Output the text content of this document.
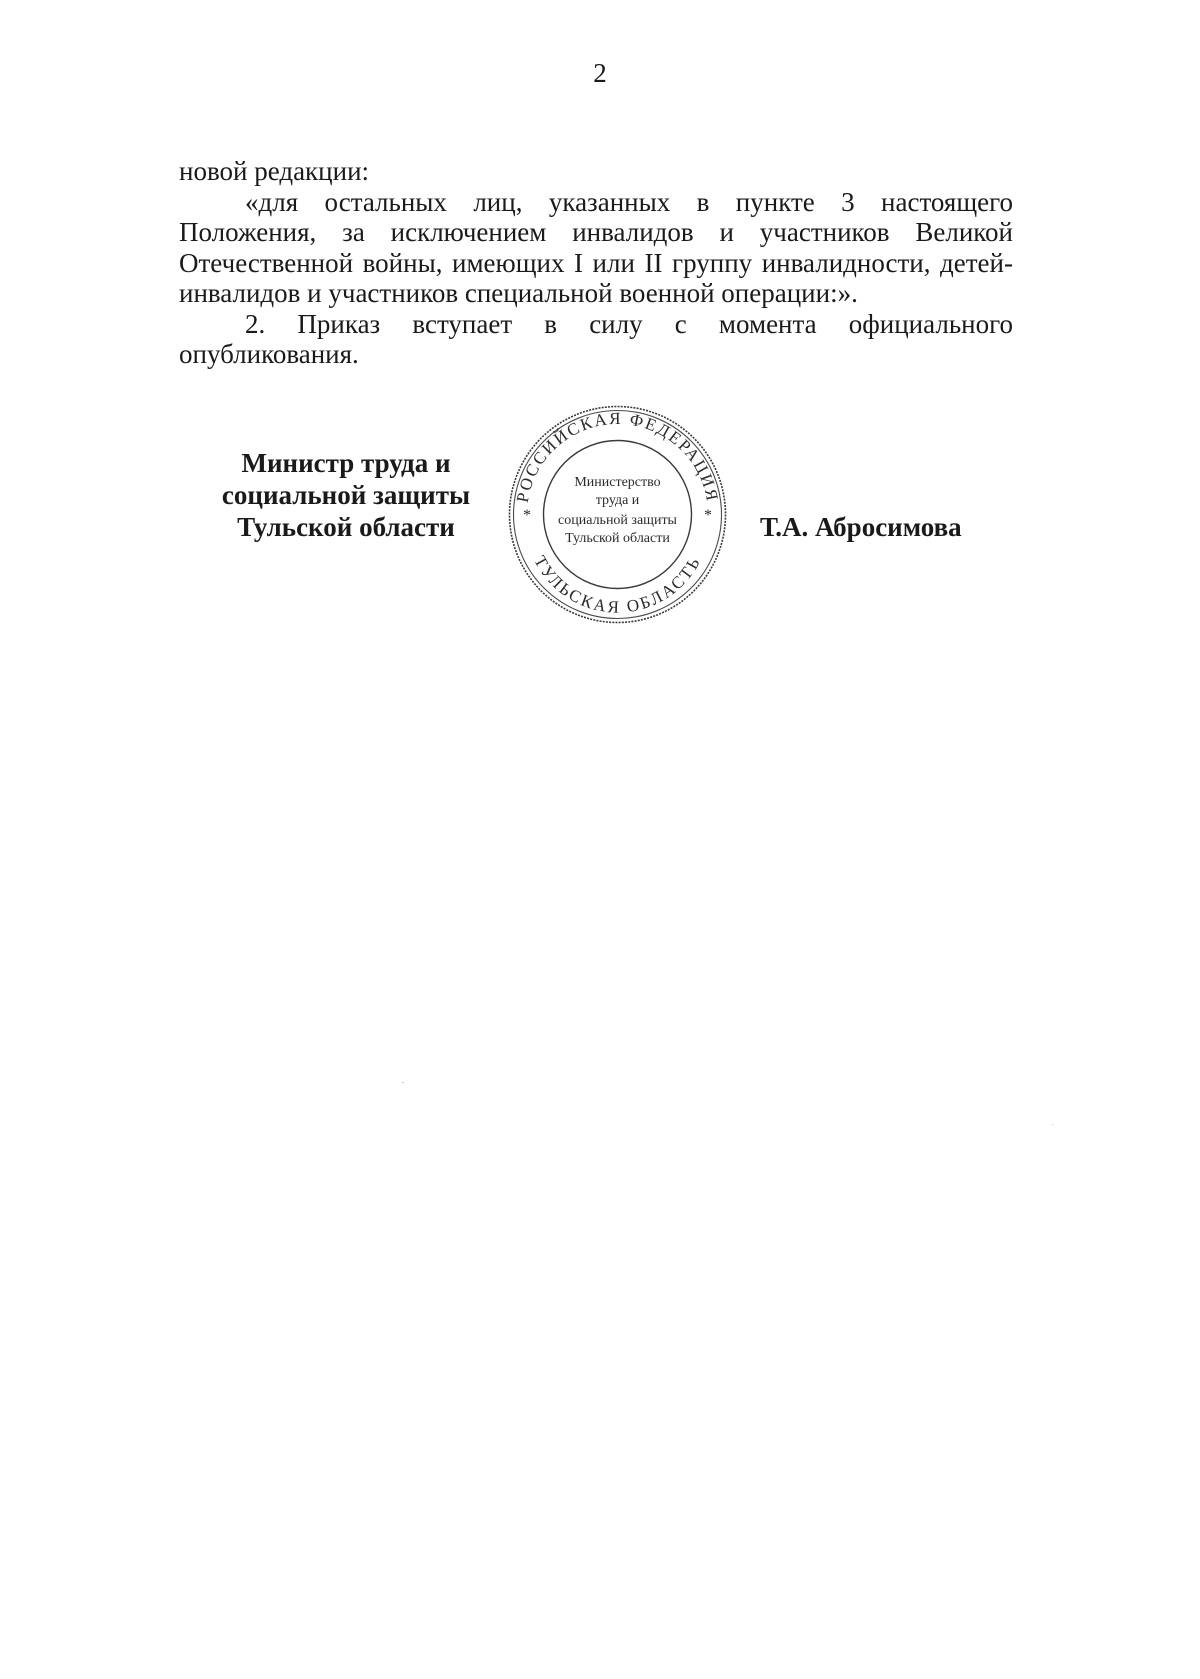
2

новой редакции:

«для остальных лиц, указанных в пункте 3 настоящего Положения, за исключением инвалидов и участников Великой Отечественной войны, имеющих I или II группу инвалидности, детей-инвалидов и участников специальной военной операции:».

2. Приказ вступает в силу с момента официального опубликования.

Министр труда и
социальной защиты
Тульской области
РОССИЙСКАЯ ФЕДЕРАЦИЯ
ТУЛЬСКАЯ ОБЛАСТЬ
*	*
Министерство
труда и
социальной защиты
Тульской области	Т.А. Абросимова
